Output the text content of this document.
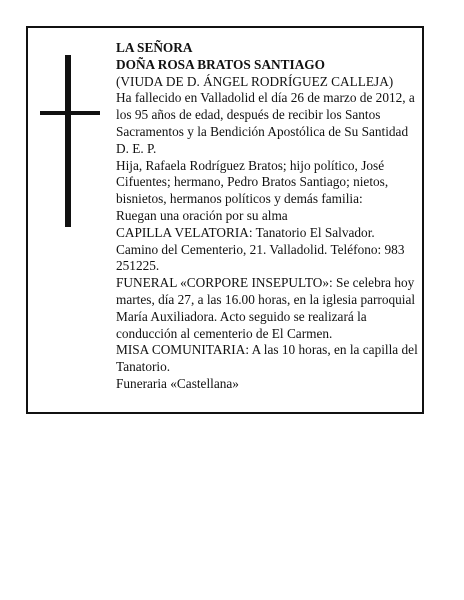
LA SEÑORA

DOÑA ROSA BRATOS SANTIAGO

(VIUDA DE D. ÁNGEL RODRÍGUEZ CALLEJA)

Ha fallecido en Valladolid el día 26 de marzo de 2012, a los 95 años de edad, después de recibir los Santos Sacramentos y la Bendición Apostólica de Su Santidad D. E. P.

Hija, Rafaela Rodríguez Bratos; hijo político, José Cifuentes; hermano, Pedro Bratos Santiago; nietos, bisnietos, hermanos políticos y demás familia:

Ruegan una oración por su alma

CAPILLA VELATORIA: Tanatorio El Salvador. Camino del Cementerio, 21. Valladolid. Teléfono: 983 251225.

FUNERAL «CORPORE INSEPULTO»: Se celebra hoy martes, día 27, a las 16.00 horas, en la iglesia parroquial María Auxiliadora. Acto seguido se realizará la conducción al cementerio de El Carmen.

MISA COMUNITARIA: A las 10 horas, en la capilla del Tanatorio.

Funeraria «Castellana»
